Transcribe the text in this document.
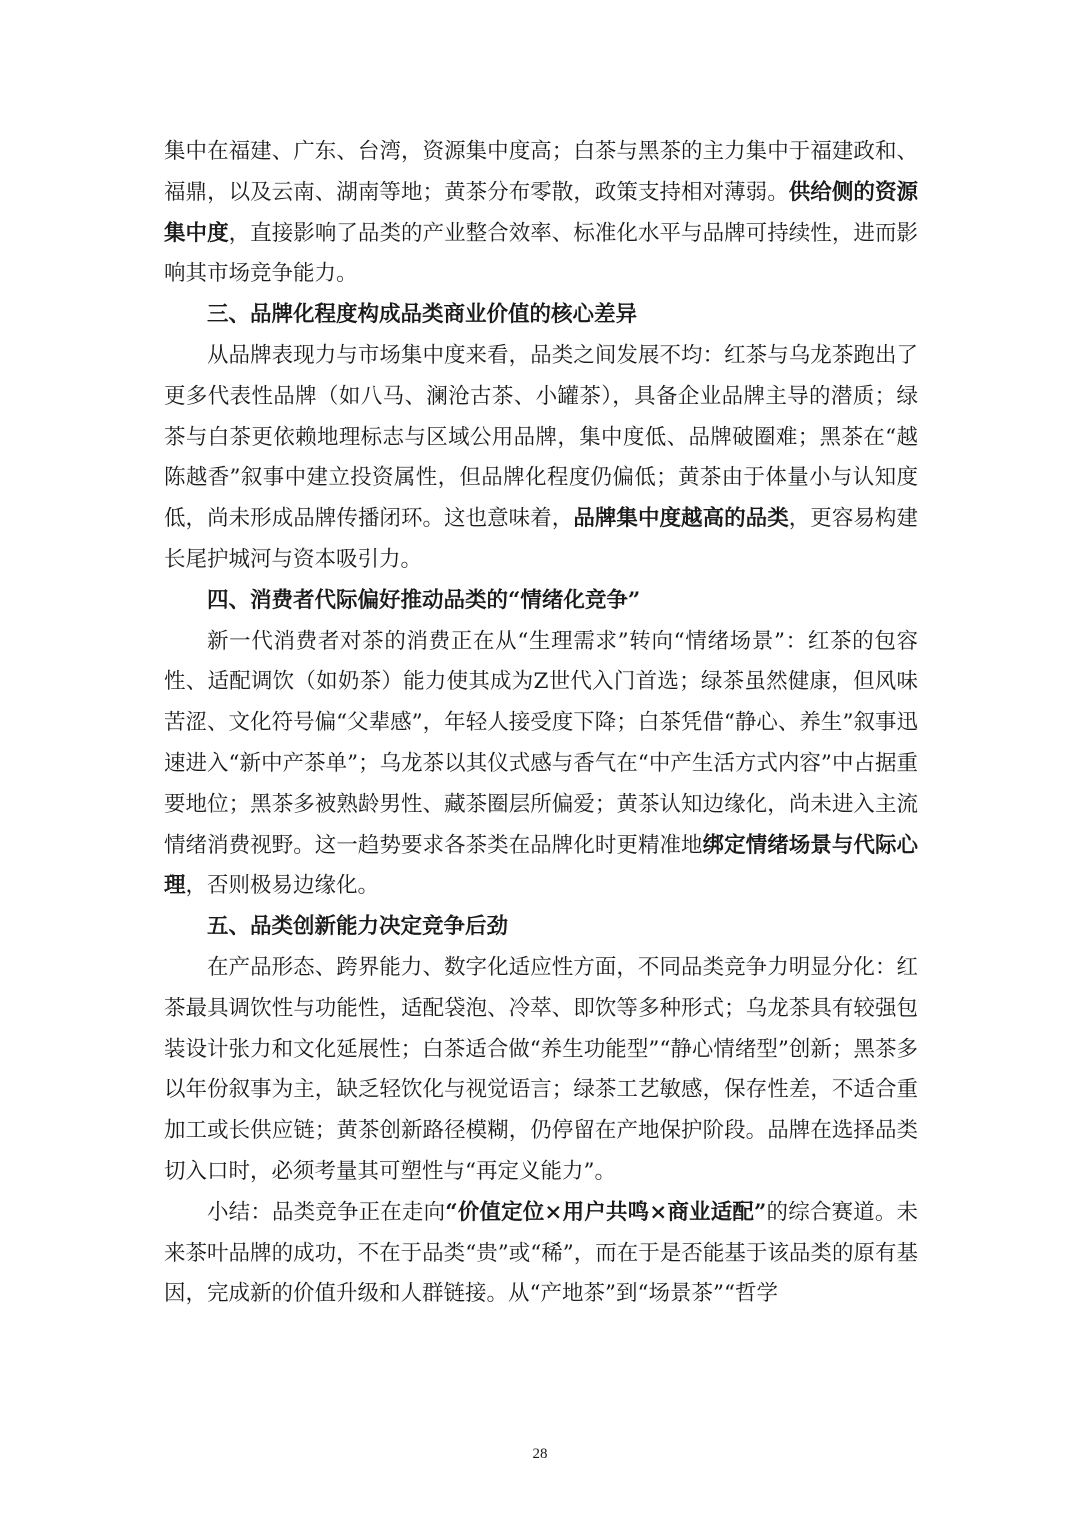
集中在福建、广东、台湾，资源集中度高；白茶与黑茶的主力集中于福建政和、福鼎，以及云南、湖南等地；黄茶分布零散，政策支持相对薄弱。供给侧的资源集中度，直接影响了品类的产业整合效率、标准化水平与品牌可持续性，进而影响其市场竞争能力。

三、品牌化程度构成品类商业价值的核心差异

从品牌表现力与市场集中度来看，品类之间发展不均：红茶与乌龙茶跑出了更多代表性品牌（如八马、澜沧古茶、小罐茶），具备企业品牌主导的潜质；绿茶与白茶更依赖地理标志与区域公用品牌，集中度低、品牌破圈难；黑茶在“越陈越香”叙事中建立投资属性，但品牌化程度仍偏低；黄茶由于体量小与认知度低，尚未形成品牌传播闭环。这也意味着，品牌集中度越高的品类，更容易构建长尾护城河与资本吸引力。

四、消费者代际偏好推动品类的“情绪化竞争”

新一代消费者对茶的消费正在从“生理需求”转向“情绪场景”：红茶的包容性、适配调饮（如奶茶）能力使其成为Z世代入门首选；绿茶虽然健康，但风味苦涩、文化符号偏“父辈感”，年轻人接受度下降；白茶凭借“静心、养生”叙事迅速进入“新中产茶单”；乌龙茶以其仪式感与香气在“中产生活方式内容”中占据重要地位；黑茶多被熟龄男性、藏茶圈层所偏爱；黄茶认知边缘化，尚未进入主流情绪消费视野。这一趋势要求各茶类在品牌化时更精准地绑定情绪场景与代际心理，否则极易边缘化。

五、品类创新能力决定竞争后劲

在产品形态、跨界能力、数字化适应性方面，不同品类竞争力明显分化：红茶最具调饮性与功能性，适配袋泡、冷萃、即饮等多种形式；乌龙茶具有较强包装设计张力和文化延展性；白茶适合做“养生功能型”“静心情绪型”创新；黑茶多以年份叙事为主，缺乏轻饮化与视觉语言；绿茶工艺敏感，保存性差，不适合重加工或长供应链；黄茶创新路径模糊，仍停留在产地保护阶段。品牌在选择品类切入口时，必须考量其可塑性与“再定义能力”。

小结：品类竞争正在走向“价值定位×用户共鸣×商业适配”的综合赛道。未来茶叶品牌的成功，不在于品类“贵”或“稀”，而在于是否能基于该品类的原有基因，完成新的价值升级和人群链接。从“产地茶”到“场景茶”“哲学

28
